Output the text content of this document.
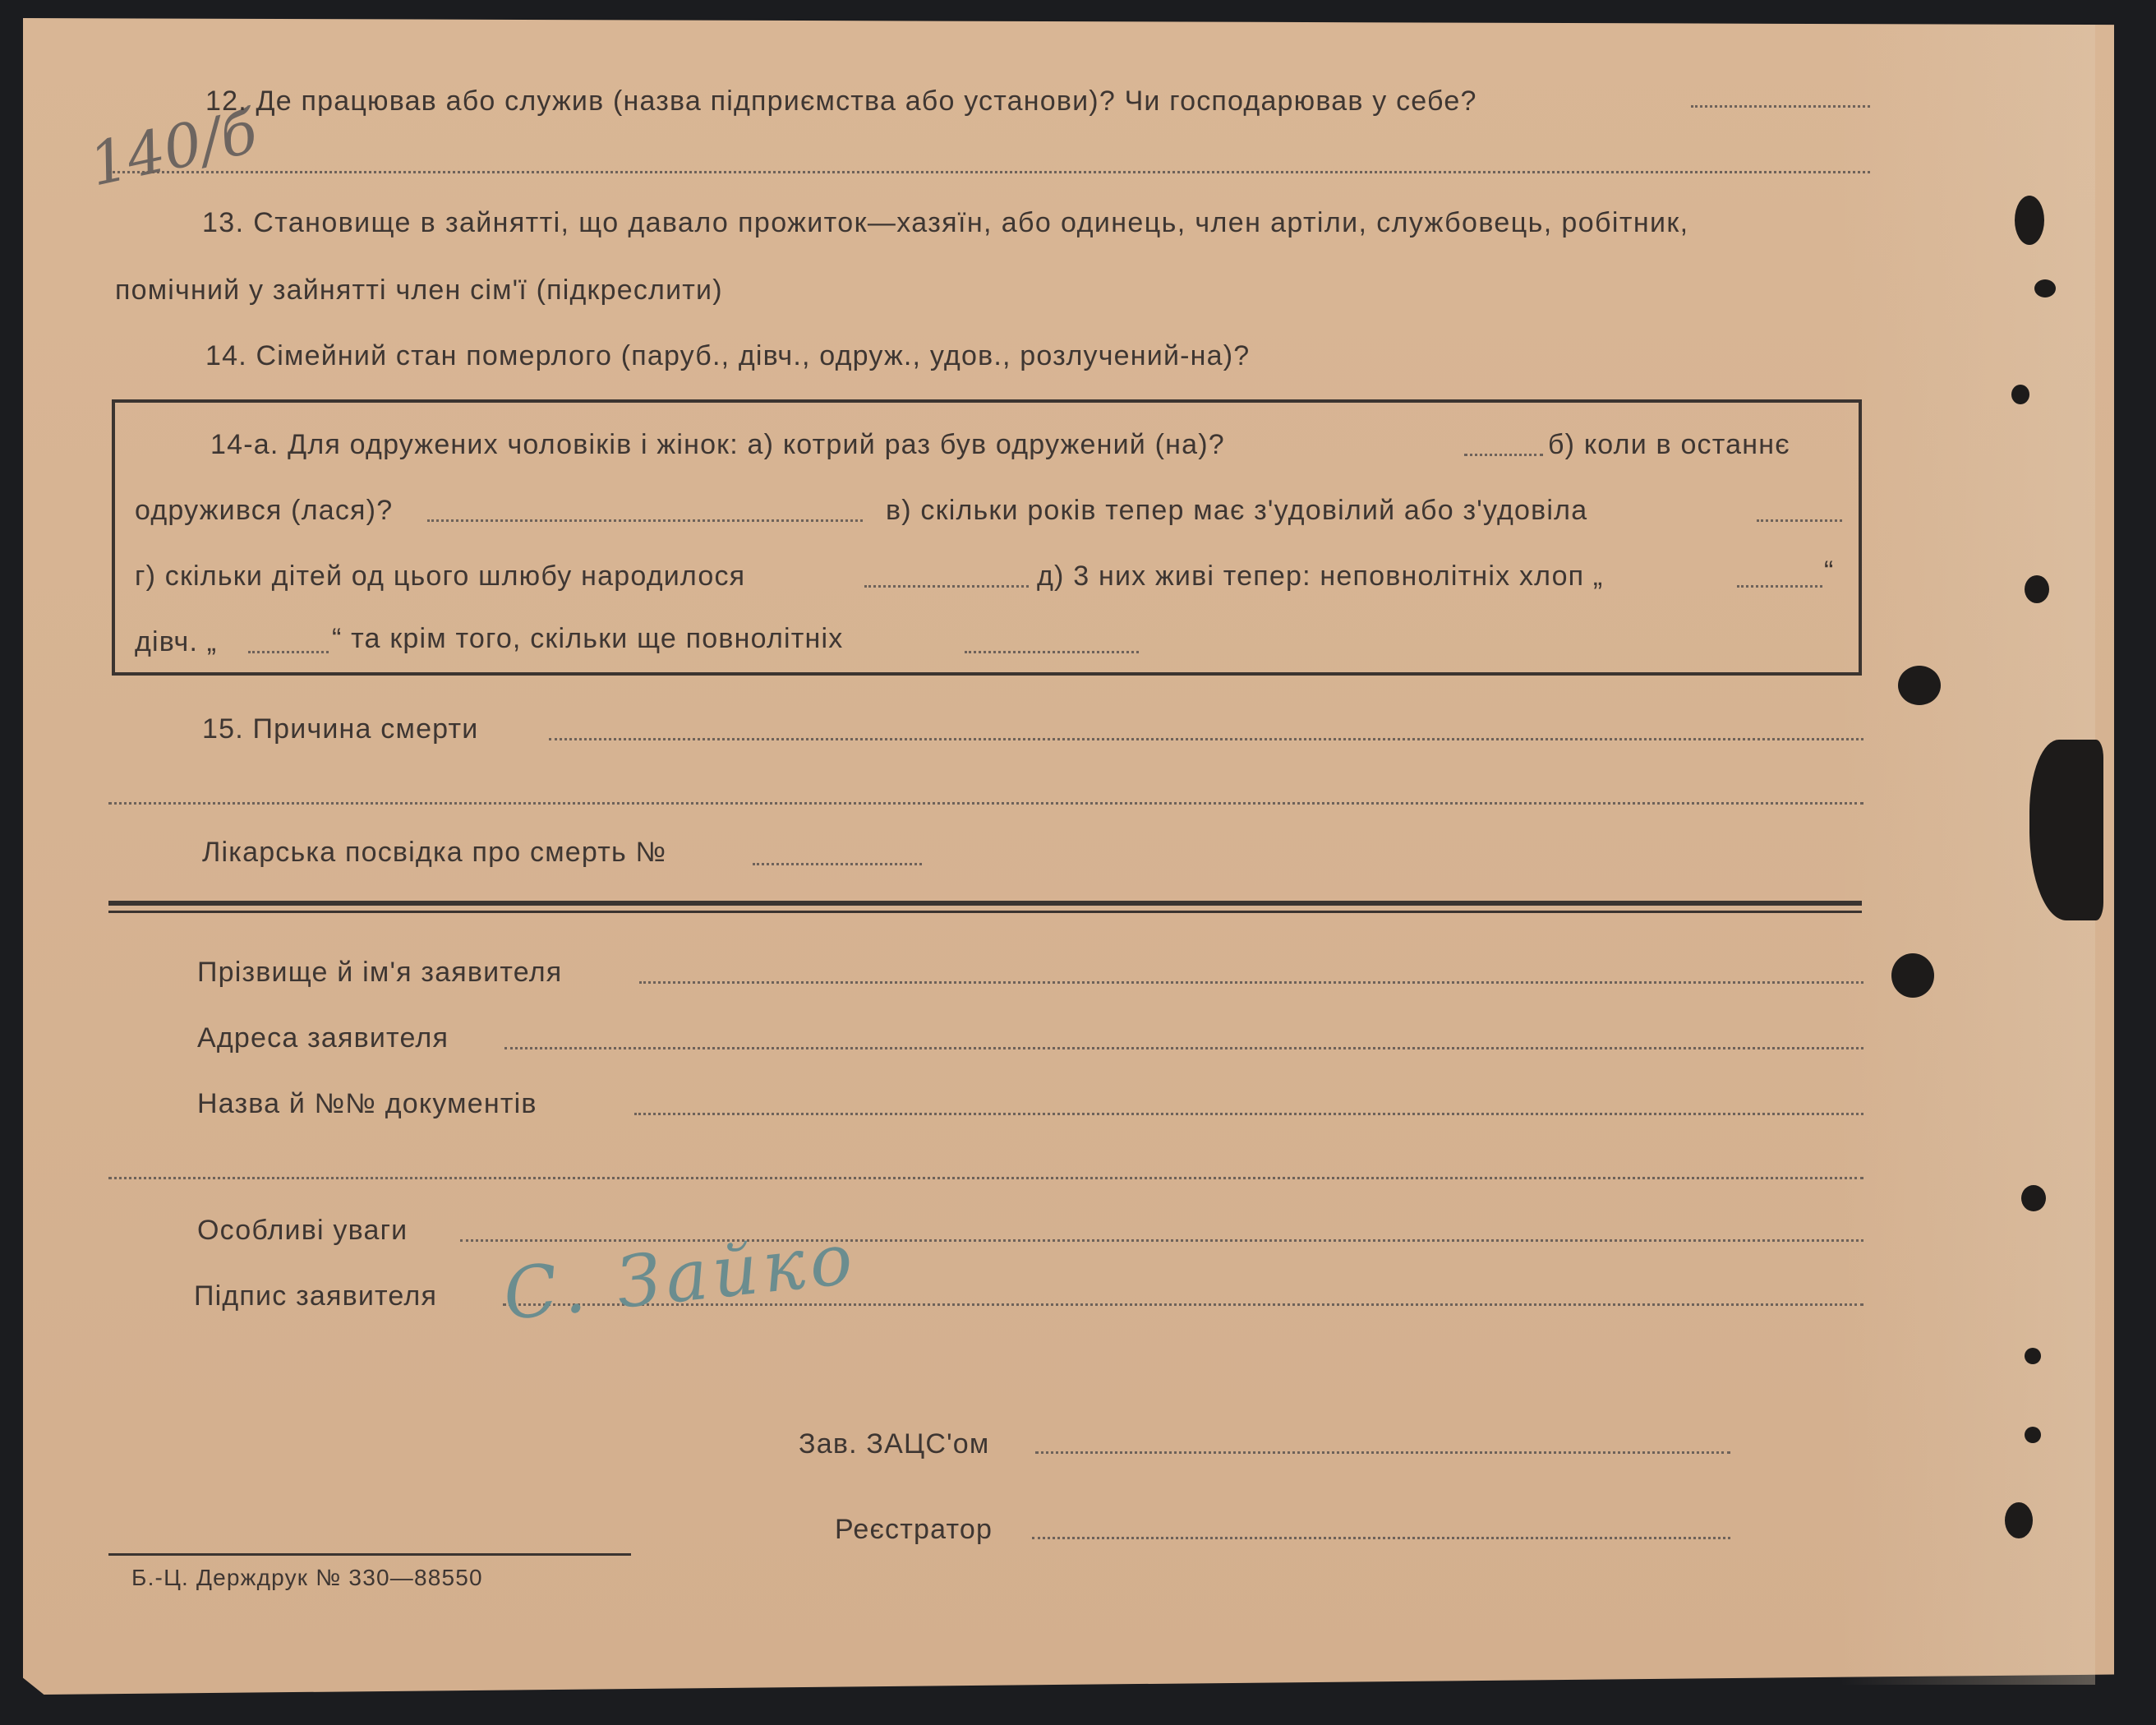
140/б
12. Де працював або служив (назва підприємства або установи)? Чи господарював у себе?
13. Становище в зайнятті, що давало прожиток—хазяїн, або одинець, член артіли, службовець, робітник,
помічний у зайнятті член сім'ї (підкреслити)
14. Сімейний стан померлого (паруб., дівч., одруж., удов., розлучений-на)?
14-а. Для одружених чоловіків і жінок: а) котрий раз був одружений (на)?	б) коли в останнє
одружився (лася)?	в) скільки років тепер має з'удовілий або з'удовіла
г) скільки дітей од цього шлюбу народилося	д) 3 них живі тепер: неповнолітніх хлоп „	“
дівч. „	“ та крім того, скільки ще повнолітніх
15. Причина смерти
Лікарська посвідка про смерть №
Прізвище й ім'я заявителя
Адреса заявителя
Назва й №№ документів
Особливі уваги
Підпис заявителя С. Зайко
Зав. ЗАЦС'ом
Реєстратор
Б.-Ц. Держдрук № 330—88550
